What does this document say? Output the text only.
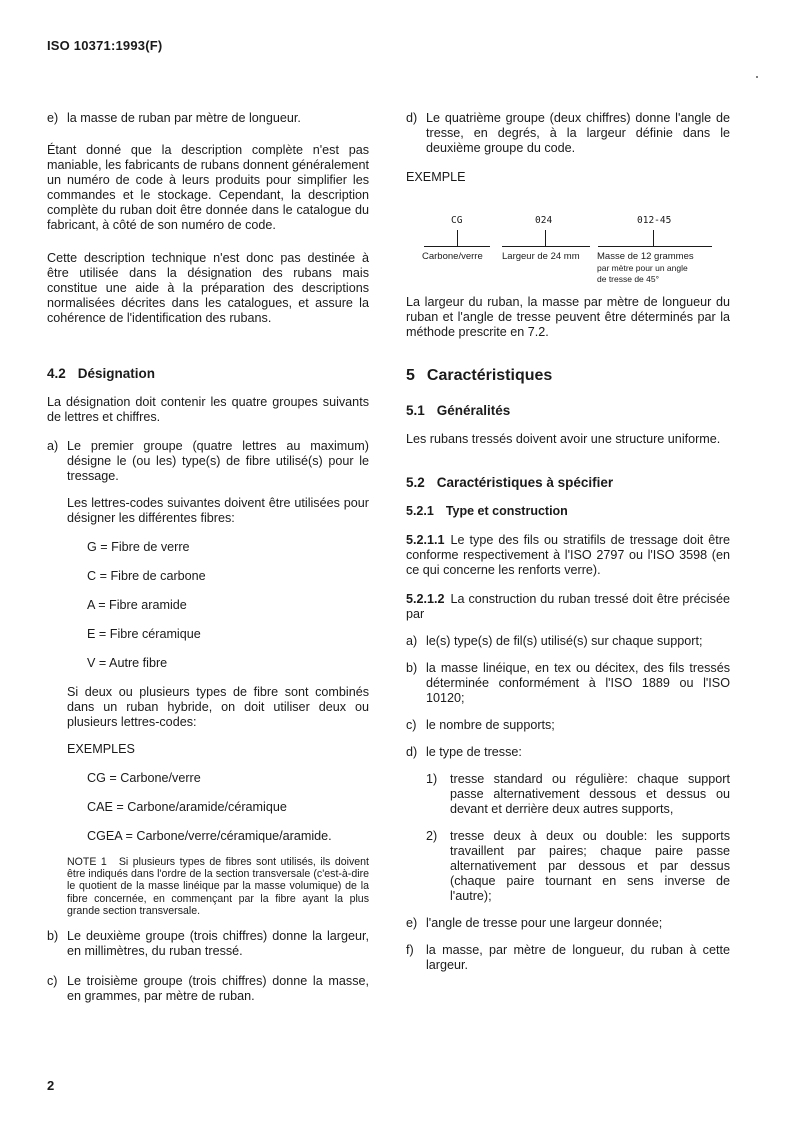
ISO 10371:1993(F)
e) la masse de ruban par mètre de longueur.

Étant donné que la description complète n'est pas maniable, les fabricants de rubans donnent généralement un numéro de code à leurs produits pour simplifier les commandes et le stockage. Cependant, la description complète du ruban doit être donnée dans le catalogue du fabricant, à côté de son numéro de code.

Cette description technique n'est donc pas destinée à être utilisée dans la désignation des rubans mais constitue une aide à la préparation des descriptions normalisées décrites dans les catalogues, et assure la cohérence de l'identification des rubans.

4.2 Désignation

La désignation doit contenir les quatre groupes suivants de lettres et chiffres.

a) Le premier groupe (quatre lettres au maximum) désigne le (ou les) type(s) de fibre utilisé(s) pour le tressage.

Les lettres-codes suivantes doivent être utilisées pour désigner les différentes fibres:

G = Fibre de verre
C = Fibre de carbone
A = Fibre aramide
E = Fibre céramique
V = Autre fibre

Si deux ou plusieurs types de fibre sont combinés dans un ruban hybride, on doit utiliser deux ou plusieurs lettres-codes:

EXEMPLES
CG = Carbone/verre
CAE = Carbone/aramide/céramique
CGEA = Carbone/verre/céramique/aramide.

NOTE 1 Si plusieurs types de fibres sont utilisés, ils doivent être indiqués dans l'ordre de la section transversale (c'est-à-dire le quotient de la masse linéique par la masse volumique) de la fibre concernée, en commençant par la fibre ayant la plus grande section transversale.

b) Le deuxième groupe (trois chiffres) donne la largeur, en millimètres, du ruban tressé.
c) Le troisième groupe (trois chiffres) donne la masse, en grammes, par mètre de ruban.
d) Le quatrième groupe (deux chiffres) donne l'angle de tresse, en degrés, à la largeur définie dans le deuxième groupe du code.
EXEMPLE
CG	024	012-45
Carbone/verre Largeur de 24 mm Masse de 12 grammes
par mètre pour un angle
de tresse de 45°

La largeur du ruban, la masse par mètre de longueur du ruban et l'angle de tresse peuvent être déterminés par la méthode prescrite en 7.2.

5 Caractéristiques
5.1 Généralités

Les rubans tressés doivent avoir une structure uniforme.

5.2 Caractéristiques à spécifier
5.2.1 Type et construction

5.2.1.1 Le type des fils ou stratifils de tressage doit être conforme respectivement à l'ISO 2797 ou l'ISO 3598 (en ce qui concerne les renforts verre).

5.2.1.2 La construction du ruban tressé doit être précisée par

a) le(s) type(s) de fil(s) utilisé(s) sur chaque support;
b) la masse linéique, en tex ou décitex, des fils tressés déterminée conformément à l'ISO 1889 ou l'ISO 10120;
c) le nombre de supports;
d) le type de tresse:
1)	tresse standard ou régulière: chaque support passe alternativement dessous et dessus ou devant et derrière deux autres supports,
2)	tresse deux à deux ou double: les supports travaillent par paires; chaque paire passe alternativement par dessous et par dessus (chaque paire tournant en sens inverse de l'autre);
e) l'angle de tresse pour une largeur donnée;
f) la masse, par mètre de longueur, du ruban à cette largeur.
2
